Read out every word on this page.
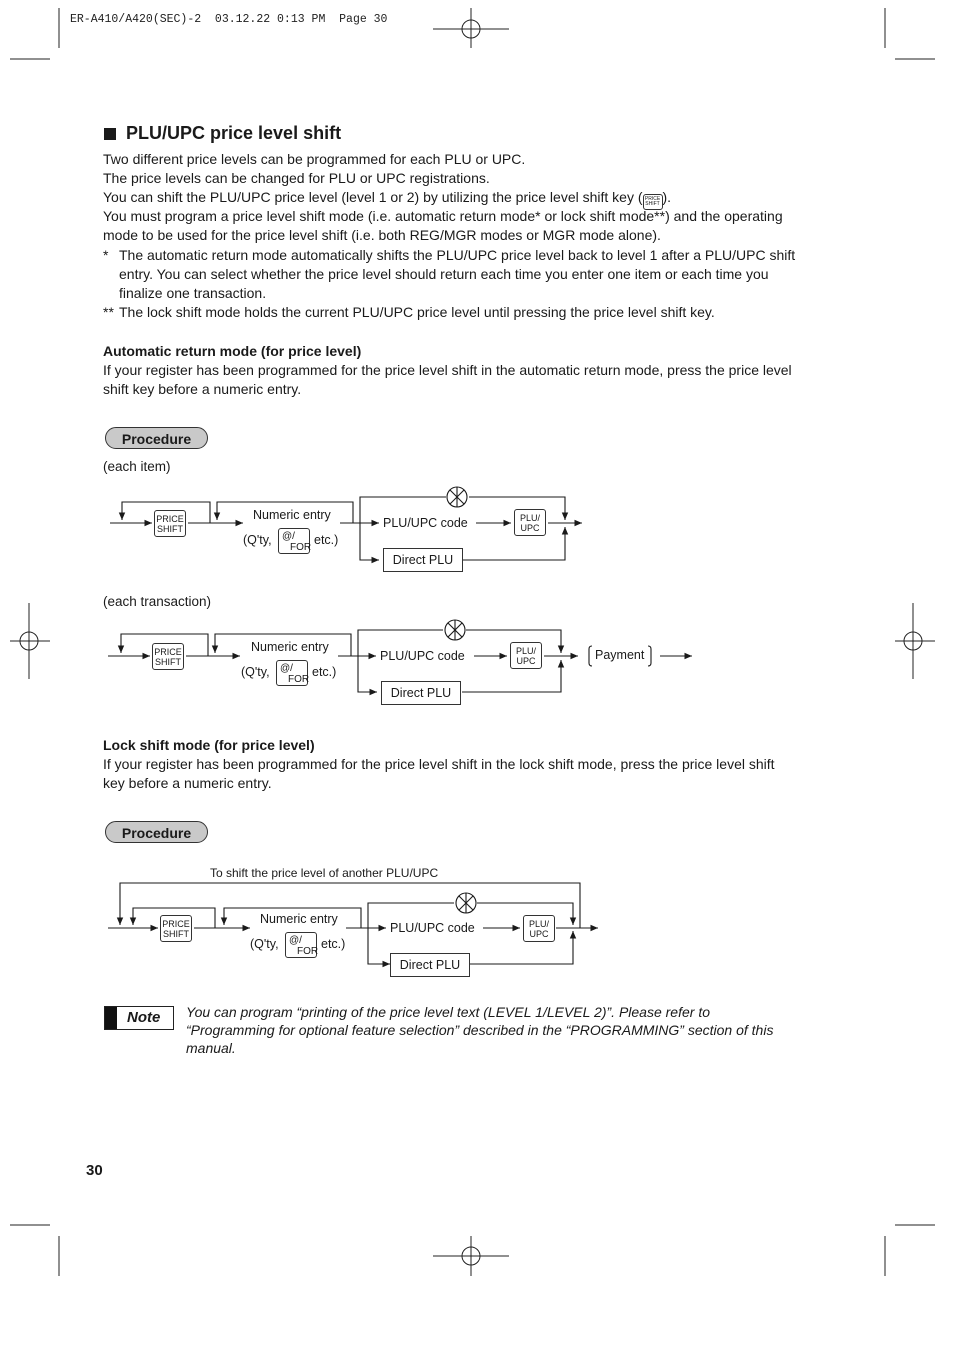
ER-A410/A420(SEC)-2  03.12.22 0:13 PM  Page 30
PLU/UPC price level shift
Two different price levels can be programmed for each PLU or UPC.
The price levels can be changed for PLU or UPC registrations.
You can shift the PLU/UPC price level (level 1 or 2) by utilizing the price level shift key ( PRICE
SHIFT ).
You must program a price level shift mode (i.e. automatic return mode* or lock shift mode**) and the operating
mode to be used for the price level shift (i.e. both REG/MGR modes or MGR mode alone).
* The automatic return mode automatically shifts the PLU/UPC price level back to level 1 after a PLU/UPC shift
entry. You can select whether the price level should return each time you enter one item or each time you
finalize one transaction.
** The lock shift mode holds the current PLU/UPC price level until pressing the price level shift key.
Automatic return mode (for price level)
If your register has been programmed for the price level shift in the automatic return mode, press the price level
shift key before a numeric entry.
Procedure
(each item)
PRICE
SHIFT
Numeric entry
(Q'ty,	@/
FOR
etc.)
PLU/UPC code	PLU/
UPC
Direct PLU
(each transaction)
PRICE
SHIFT
Numeric entry
(Q'ty,	@/
FOR
etc.)
PLU/UPC code	PLU/
UPC	Payment
Direct PLU
Lock shift mode (for price level)
If your register has been programmed for the price level shift in the lock shift mode, press the price level shift
key before a numeric entry.
Procedure
To shift the price level of another PLU/UPC
PRICE
SHIFT
Numeric entry
(Q'ty,	@/
FOR
etc.)
PLU/UPC code	PLU/
UPC
Direct PLU
Note	You can program “printing of the price level text (LEVEL 1/LEVEL 2)”. Please refer to
“Programming for optional feature selection” described in the “PROGRAMMING” section of this
manual.
30
